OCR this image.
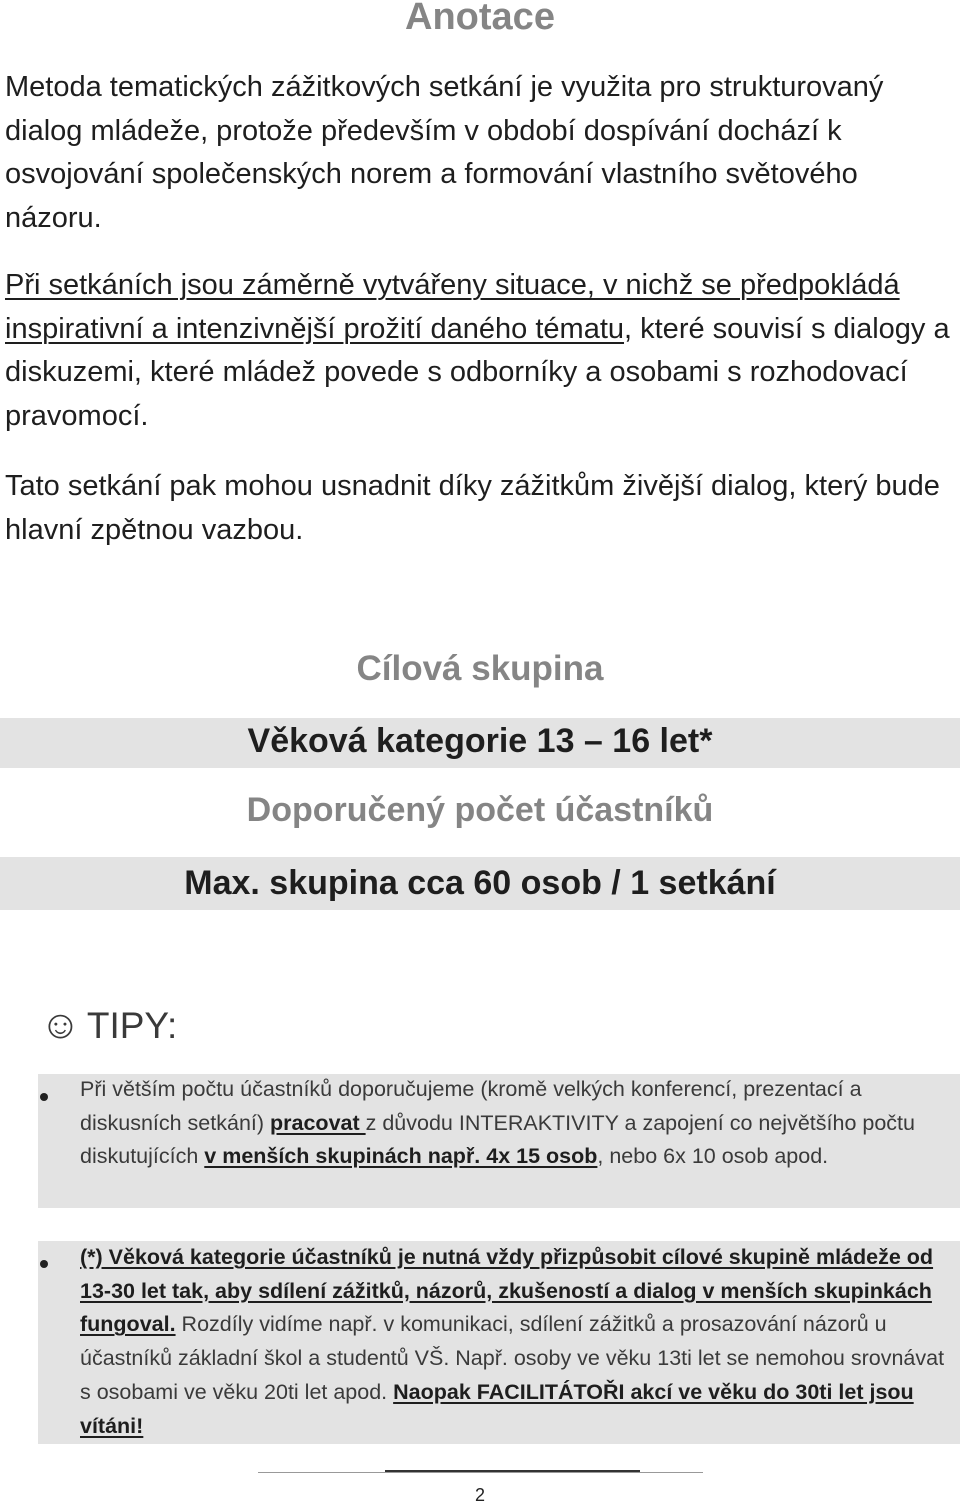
Anotace

Metoda tematických zážitkových setkání je využita pro strukturovaný dialog mládeže, protože především v období dospívání dochází k osvojování společenských norem a formování vlastního světového názoru.

Při setkáních jsou záměrně vytvářeny situace, v nichž se předpokládá inspirativní a intenzivnější prožití daného tématu, které souvisí s dialogy a diskuzemi, které mládež povede s odborníky a osobami s rozhodovací pravomocí.

Tato setkání pak mohou usnadnit díky zážitkům živější dialog, který bude hlavní zpětnou vazbou.

Cílová skupina

Věková kategorie 13 – 16 let*

Doporučený počet účastníků

Max. skupina cca 60 osob / 1 setkání

☺ TIPY:

Při větším počtu účastníků doporučujeme (kromě velkých konferencí, prezentací a diskusních setkání) pracovat z důvodu INTERAKTIVITY a zapojení co největšího počtu diskutujících v menších skupinách např. 4x 15 osob, nebo 6x 10 osob apod.

(*) Věková kategorie účastníků je nutná vždy přizpůsobit cílové skupině mládeže od 13-30 let tak, aby sdílení zážitků, názorů, zkušeností a dialog v menších skupinkách fungoval. Rozdíly vidíme např. v komunikaci, sdílení zážitků a prosazování názorů u účastníků základní škol a studentů VŠ. Např. osoby ve věku 13ti let se nemohou srovnávat s osobami ve věku 20ti let apod. Naopak FACILITÁTOŘI akcí ve věku do 30ti let jsou vítáni!

2
